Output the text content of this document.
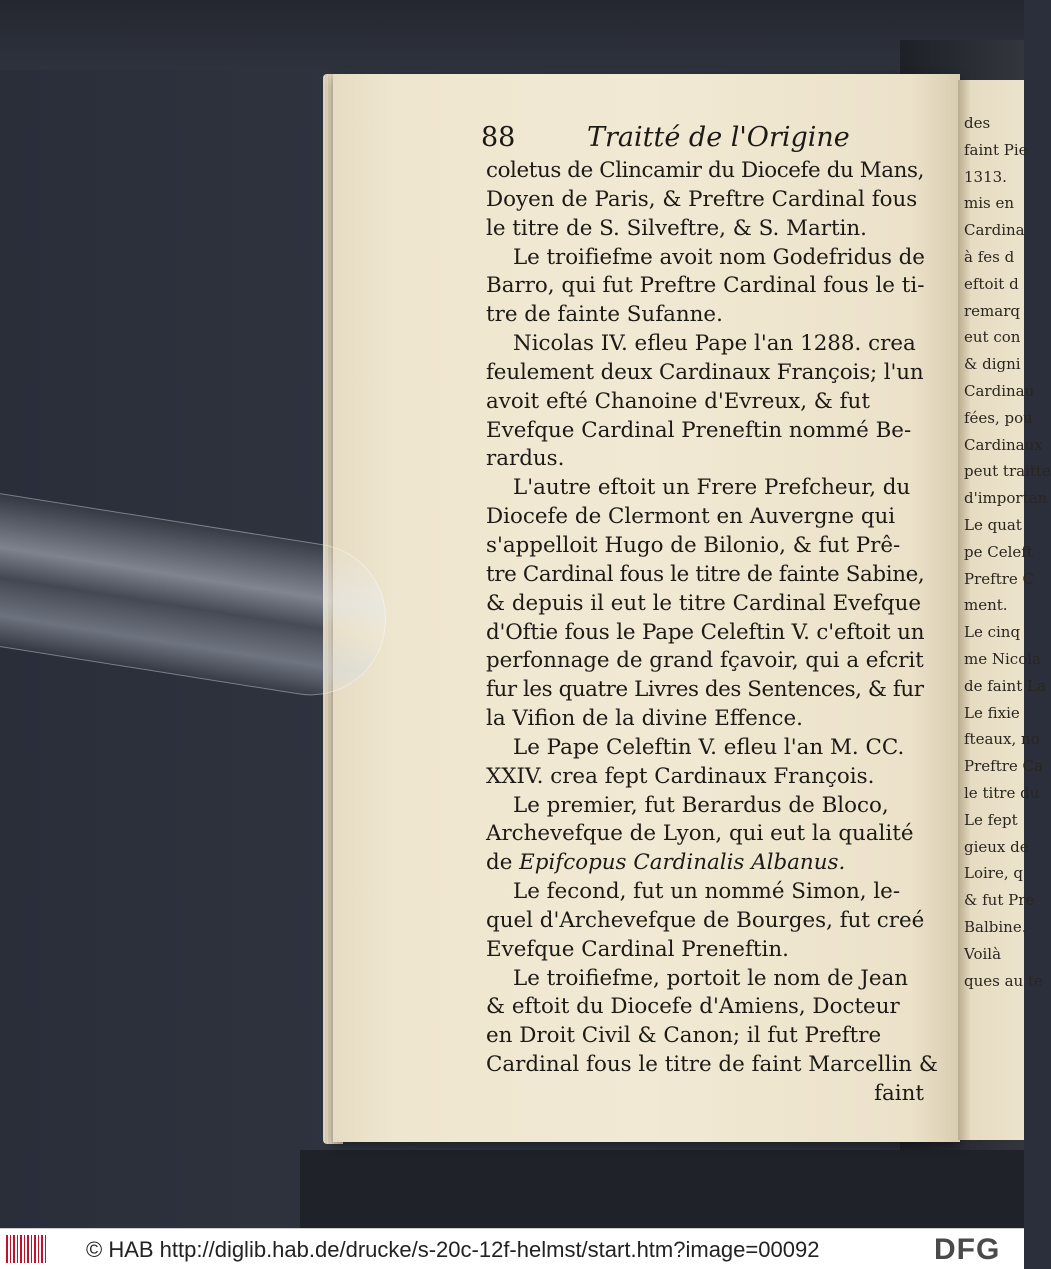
des
faint Pie
1313.
mis en
Cardina
à fes d
eftoit d
remarq
eut con
& digni
Cardinau
fées, pou
Cardinaux
peut traitte
d'importan
Le quat
pe Celeft
Preftre C
ment.
Le cinq
me Nicola
de faint La
Le fixie
fteaux, no
Preftre Ca
le titre du
Le fept
gieux de
Loire, q
& fut Pre
Balbine.
Voilà
ques au te
88	Traitté de l'Origine
coletus de Clincamir du Diocefe du Mans,
Doyen de Paris, & Preftre Cardinal fous
le titre de S. Silveftre, & S. Martin.
Le troifiefme avoit nom Godefridus de
Barro, qui fut Preftre Cardinal fous le ti-
tre de fainte Sufanne.
Nicolas IV. efleu Pape l'an 1288. crea
feulement deux Cardinaux François; l'un
avoit efté Chanoine d'Evreux, & fut
Evefque Cardinal Preneftin nommé Be-
rardus.
L'autre eftoit un Frere Prefcheur, du
Diocefe de Clermont en Auvergne qui
s'appelloit Hugo de Bilonio, & fut Prê-
tre Cardinal fous le titre de fainte Sabine,
& depuis il eut le titre Cardinal Evefque
d'Oftie fous le Pape Celeftin V. c'eftoit un
perfonnage de grand fçavoir, qui a efcrit
fur les quatre Livres des Sentences, & fur
la Vifion de la divine Effence.
Le Pape Celeftin V. efleu l'an M. CC.
XXIV. crea fept Cardinaux François.
Le premier, fut Berardus de Bloco,
Archevefque de Lyon, qui eut la qualité
de Epifcopus Cardinalis Albanus.
Le fecond, fut un nommé Simon, le-
quel d'Archevefque de Bourges, fut creé
Evefque Cardinal Preneftin.
Le troifiefme, portoit le nom de Jean
& eftoit du Diocefe d'Amiens, Docteur
en Droit Civil & Canon; il fut Preftre
Cardinal fous le titre de faint Marcellin &
faint
© HAB http://diglib.hab.de/drucke/s-20c-12f-helmst/start.htm?image=00092	DFG
